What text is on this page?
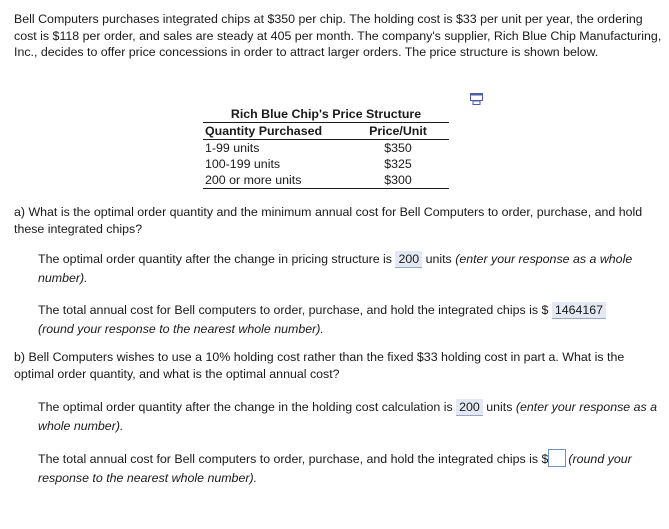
Bell Computers purchases integrated chips at $350 per chip. The holding cost is $33 per unit per year, the ordering cost is $118 per order, and sales are steady at 405 per month. The company's supplier, Rich Blue Chip Manufacturing, Inc., decides to offer price concessions in order to attract larger orders. The price structure is shown below.
Rich Blue Chip's Price Structure
Quantity Purchased	Price/Unit
1-99 units	$350
100-199 units	$325
200 or more units	$300
a) What is the optimal order quantity and the minimum annual cost for Bell Computers to order, purchase, and hold these integrated chips?
The optimal order quantity after the change in pricing structure is 200 units (enter your response as a whole number).
The total annual cost for Bell computers to order, purchase, and hold the integrated chips is $ 1464167
(round your response to the nearest whole number).
b) Bell Computers wishes to use a 10% holding cost rather than the fixed $33 holding cost in part a. What is the optimal order quantity, and what is the optimal annual cost?
The optimal order quantity after the change in the holding cost calculation is 200 units (enter your response as a whole number).
The total annual cost for Bell computers to order, purchase, and hold the integrated chips is $ (round your response to the nearest whole number).
